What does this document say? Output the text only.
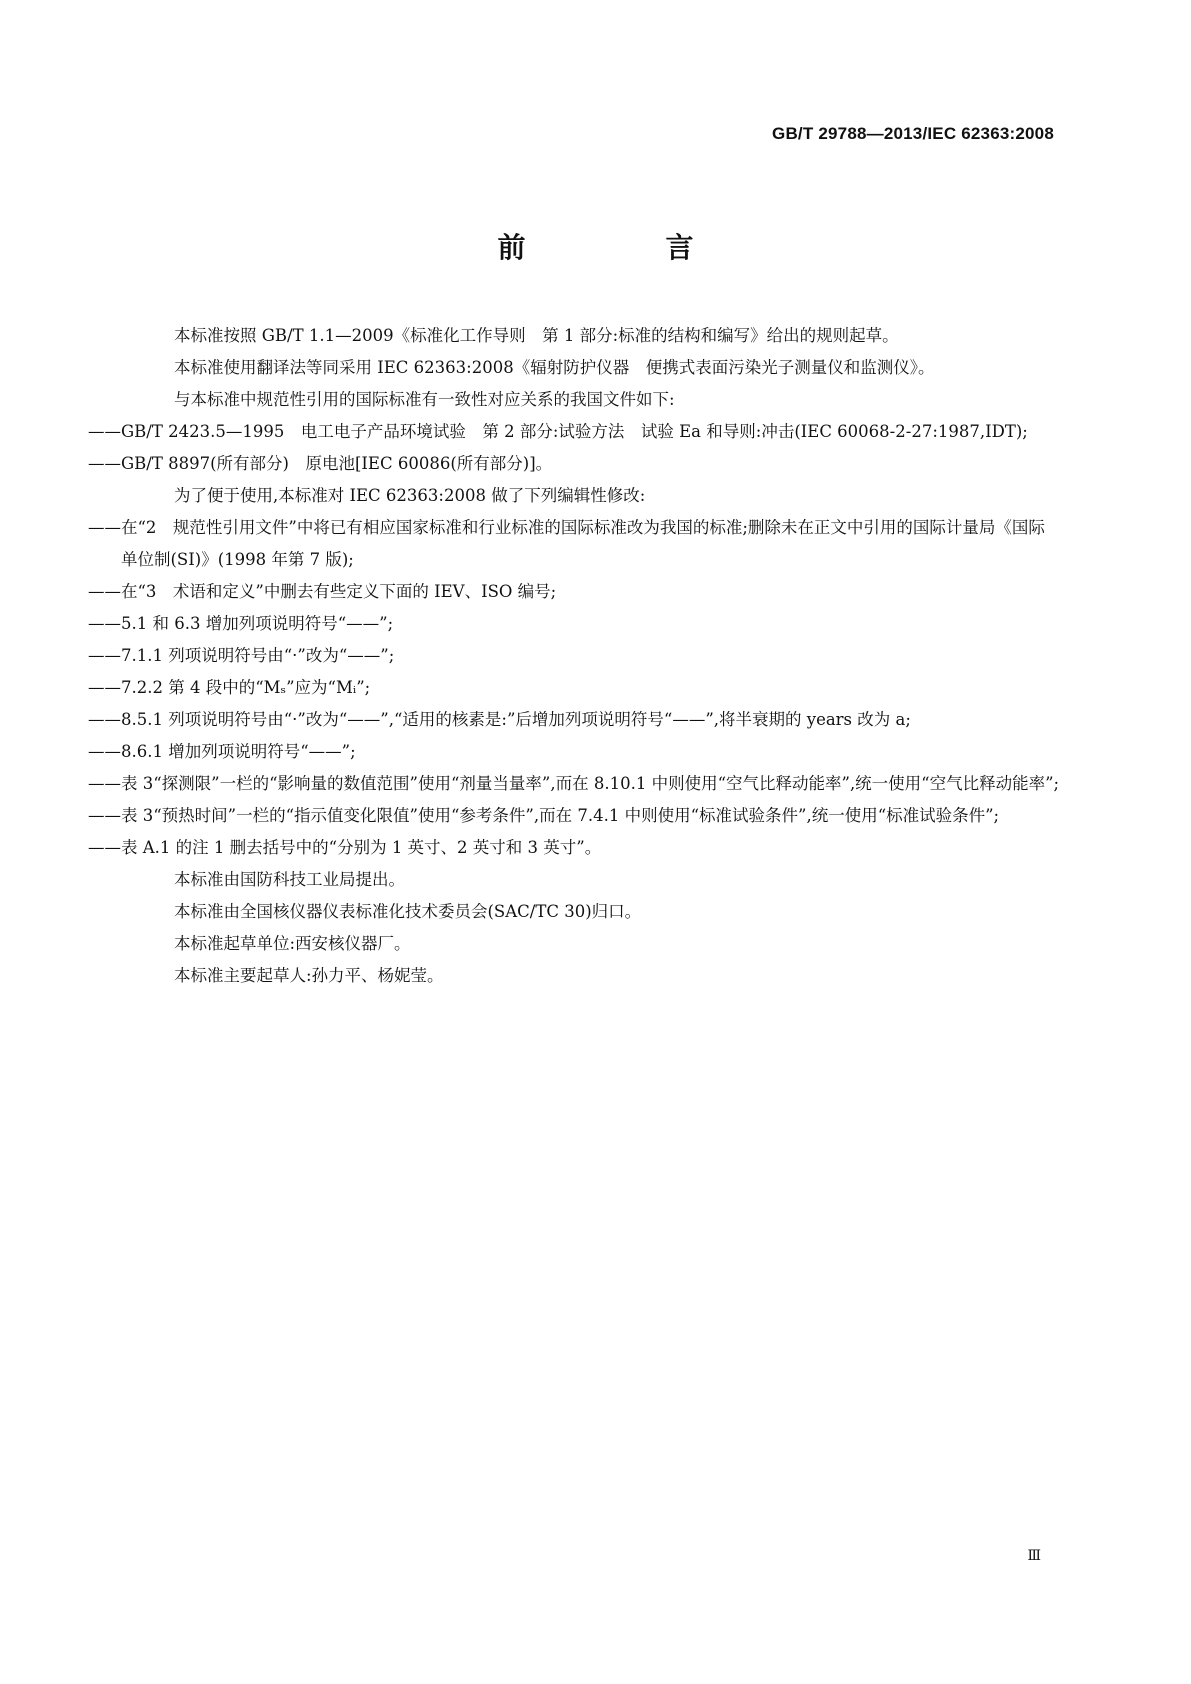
GB/T 29788—2013/IEC 62363:2008
前　言

本标准按照 GB/T 1.1—2009《标准化工作导则　第 1 部分:标准的结构和编写》给出的规则起草。

本标准使用翻译法等同采用 IEC 62363:2008《辐射防护仪器　便携式表面污染光子测量仪和监测仪》。

与本标准中规范性引用的国际标准有一致性对应关系的我国文件如下:

——GB/T 2423.5—1995　电工电子产品环境试验　第 2 部分:试验方法　试验 Ea 和导则:冲击(IEC 60068-2-27:1987,IDT);

——GB/T 8897(所有部分)　原电池[IEC 60086(所有部分)]。

为了便于使用,本标准对 IEC 62363:2008 做了下列编辑性修改:

——在“2　规范性引用文件”中将已有相应国家标准和行业标准的国际标准改为我国的标准;删除未在正文中引用的国际计量局《国际单位制(SI)》(1998 年第 7 版);

——在“3　术语和定义”中删去有些定义下面的 IEV、ISO 编号;

——5.1 和 6.3 增加列项说明符号“——”;

——7.1.1 列项说明符号由“·”改为“——”;

——7.2.2 第 4 段中的“Mₛ”应为“Mᵢ”;

——8.5.1 列项说明符号由“·”改为“——”,“适用的核素是:”后增加列项说明符号“——”,将半衰期的 years 改为 a;

——8.6.1 增加列项说明符号“——”;

——表 3“探测限”一栏的“影响量的数值范围”使用“剂量当量率”,而在 8.10.1 中则使用“空气比释动能率”,统一使用“空气比释动能率”;

——表 3“预热时间”一栏的“指示值变化限值”使用“参考条件”,而在 7.4.1 中则使用“标准试验条件”,统一使用“标准试验条件”;

——表 A.1 的注 1 删去括号中的“分别为 1 英寸、2 英寸和 3 英寸”。

本标准由国防科技工业局提出。

本标准由全国核仪器仪表标准化技术委员会(SAC/TC 30)归口。

本标准起草单位:西安核仪器厂。

本标准主要起草人:孙力平、杨妮莹。

Ⅲ
